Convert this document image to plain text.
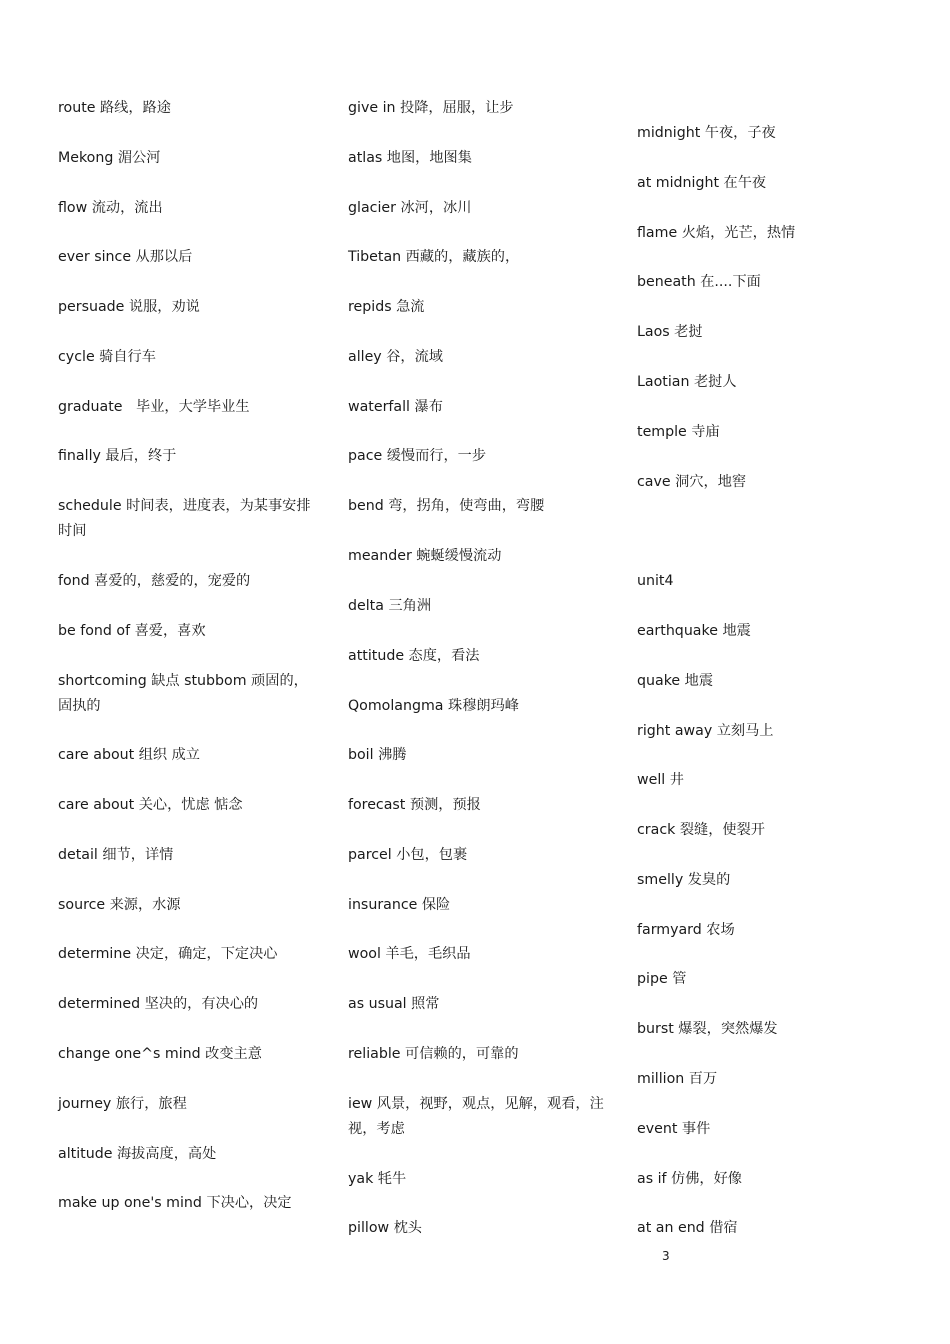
route 路线，路途
Mekong 湄公河
flow 流动，流出
ever since 从那以后
persuade 说服，劝说
cycle 骑自行车
graduate   毕业，大学毕业生
finally 最后，终于
schedule 时间表，进度表，为某事安排时间
fond 喜爱的，慈爱的，宠爱的
be fond of 喜爱，喜欢
shortcoming 缺点 stubbom 顽固的，固执的
care about 组织 成立
care about 关心，忧虑 惦念
detail 细节，详情
source 来源，水源
determine 决定，确定，下定决心
determined 坚决的，有决心的
change one^s mind 改变主意
journey 旅行，旅程
altitude 海拔高度，高处
make up one's mind 下决心，决定
give in 投降，屈服，让步
atlas 地图，地图集
glacier 冰河，冰川
Tibetan 西藏的，藏族的，
repids 急流
alley 谷，流域
waterfall 瀑布
pace 缓慢而行，一步
bend 弯，拐角，使弯曲，弯腰
meander 蜿蜒缓慢流动
delta 三角洲
attitude 态度，看法
Qomolangma 珠穆朗玛峰
boil 沸腾
forecast 预测，预报
parcel 小包，包裹
insurance 保险
wool 羊毛，毛织品
as usual 照常
reliable 可信赖的，可靠的
iew 风景，视野，观点，见解，观看，注视，考虑
yak 牦牛
pillow 枕头
midnight 午夜，子夜
at midnight 在午夜
flame 火焰，光芒，热情
beneath 在....下面
Laos 老挝
Laotian 老挝人
temple 寺庙
cave 洞穴，地窖
unit4
earthquake 地震
quake 地震
right away 立刻马上
well 井
crack 裂缝，使裂开
smelly 发臭的
farmyard 农场
pipe 管
burst 爆裂，突然爆发
million 百万
event 事件
as if 仿佛，好像
at an end 借宿
3
